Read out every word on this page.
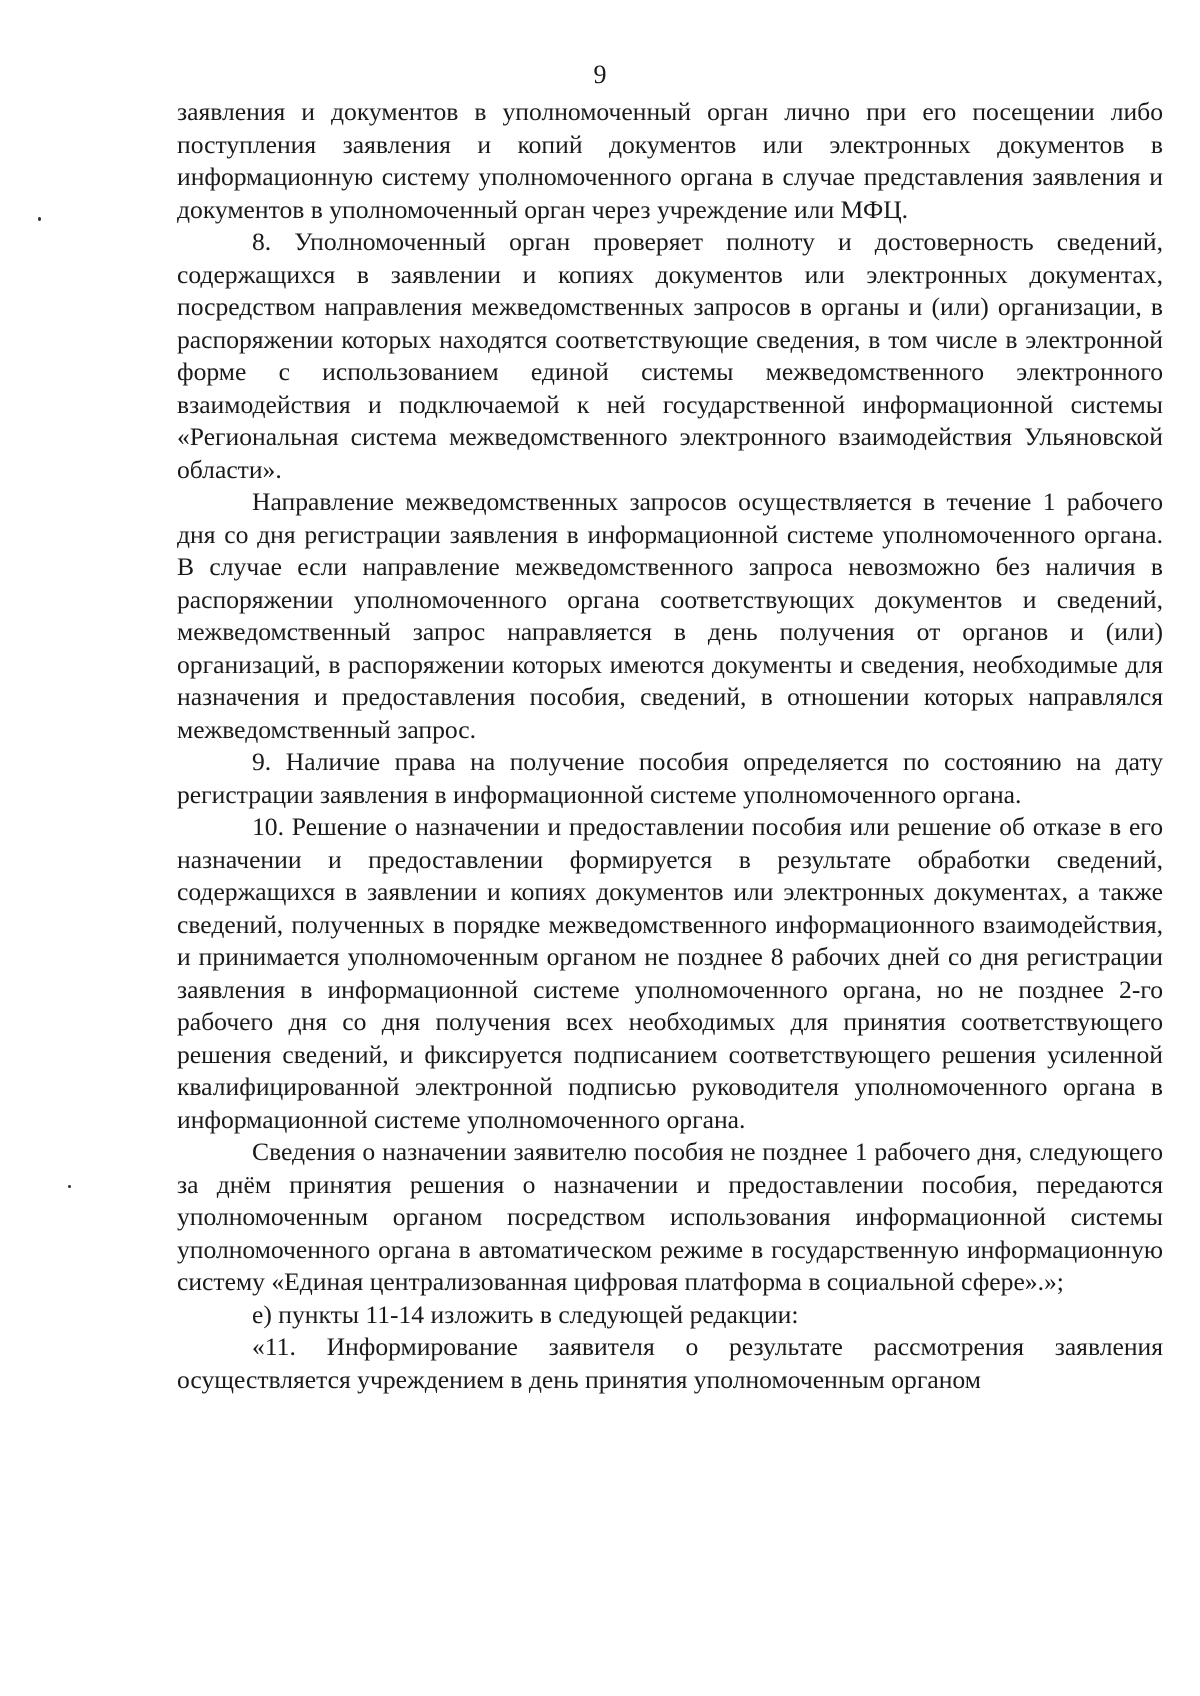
9

заявления и документов в уполномоченный орган лично при его посещении либо поступления заявления и копий документов или электронных документов в информационную систему уполномоченного органа в случае представления заявления и документов в уполномоченный орган через учреждение или МФЦ.

8. Уполномоченный орган проверяет полноту и достоверность сведений, содержащихся в заявлении и копиях документов или электронных документах, посредством направления межведомственных запросов в органы и (или) организации, в распоряжении которых находятся соответствующие сведения, в том числе в электронной форме с использованием единой системы межведомственного электронного взаимодействия и подключаемой к ней государственной информационной системы «Региональная система межведомственного электронного взаимодействия Ульяновской области».

Направление межведомственных запросов осуществляется в течение 1 рабочего дня со дня регистрации заявления в информационной системе уполномоченного органа. В случае если направление межведомственного запроса невозможно без наличия в распоряжении уполномоченного органа соответствующих документов и сведений, межведомственный запрос направляется в день получения от органов и (или) организаций, в распоряжении которых имеются документы и сведения, необходимые для назначения и предоставления пособия, сведений, в отношении которых направлялся межведомственный запрос.

9. Наличие права на получение пособия определяется по состоянию на дату регистрации заявления в информационной системе уполномоченного органа.

10. Решение о назначении и предоставлении пособия или решение об отказе в его назначении и предоставлении формируется в результате обработки сведений, содержащихся в заявлении и копиях документов или электронных документах, а также сведений, полученных в порядке межведомственного информационного взаимодействия, и принимается уполномоченным органом не позднее 8 рабочих дней со дня регистрации заявления в информационной системе уполномоченного органа, но не позднее 2-го рабочего дня со дня получения всех необходимых для принятия соответствующего решения сведений, и фиксируется подписанием соответствующего решения усиленной квалифицированной электронной подписью руководителя уполномоченного органа в информационной системе уполномоченного органа.

Сведения о назначении заявителю пособия не позднее 1 рабочего дня, следующего за днём принятия решения о назначении и предоставлении пособия, передаются уполномоченным органом посредством использования информационной системы уполномоченного органа в автоматическом режиме в государственную информационную систему «Единая централизованная цифровая платформа в социальной сфере».»;

е) пункты 11-14 изложить в следующей редакции:

«11. Информирование заявителя о результате рассмотрения заявления осуществляется учреждением в день принятия уполномоченным органом
